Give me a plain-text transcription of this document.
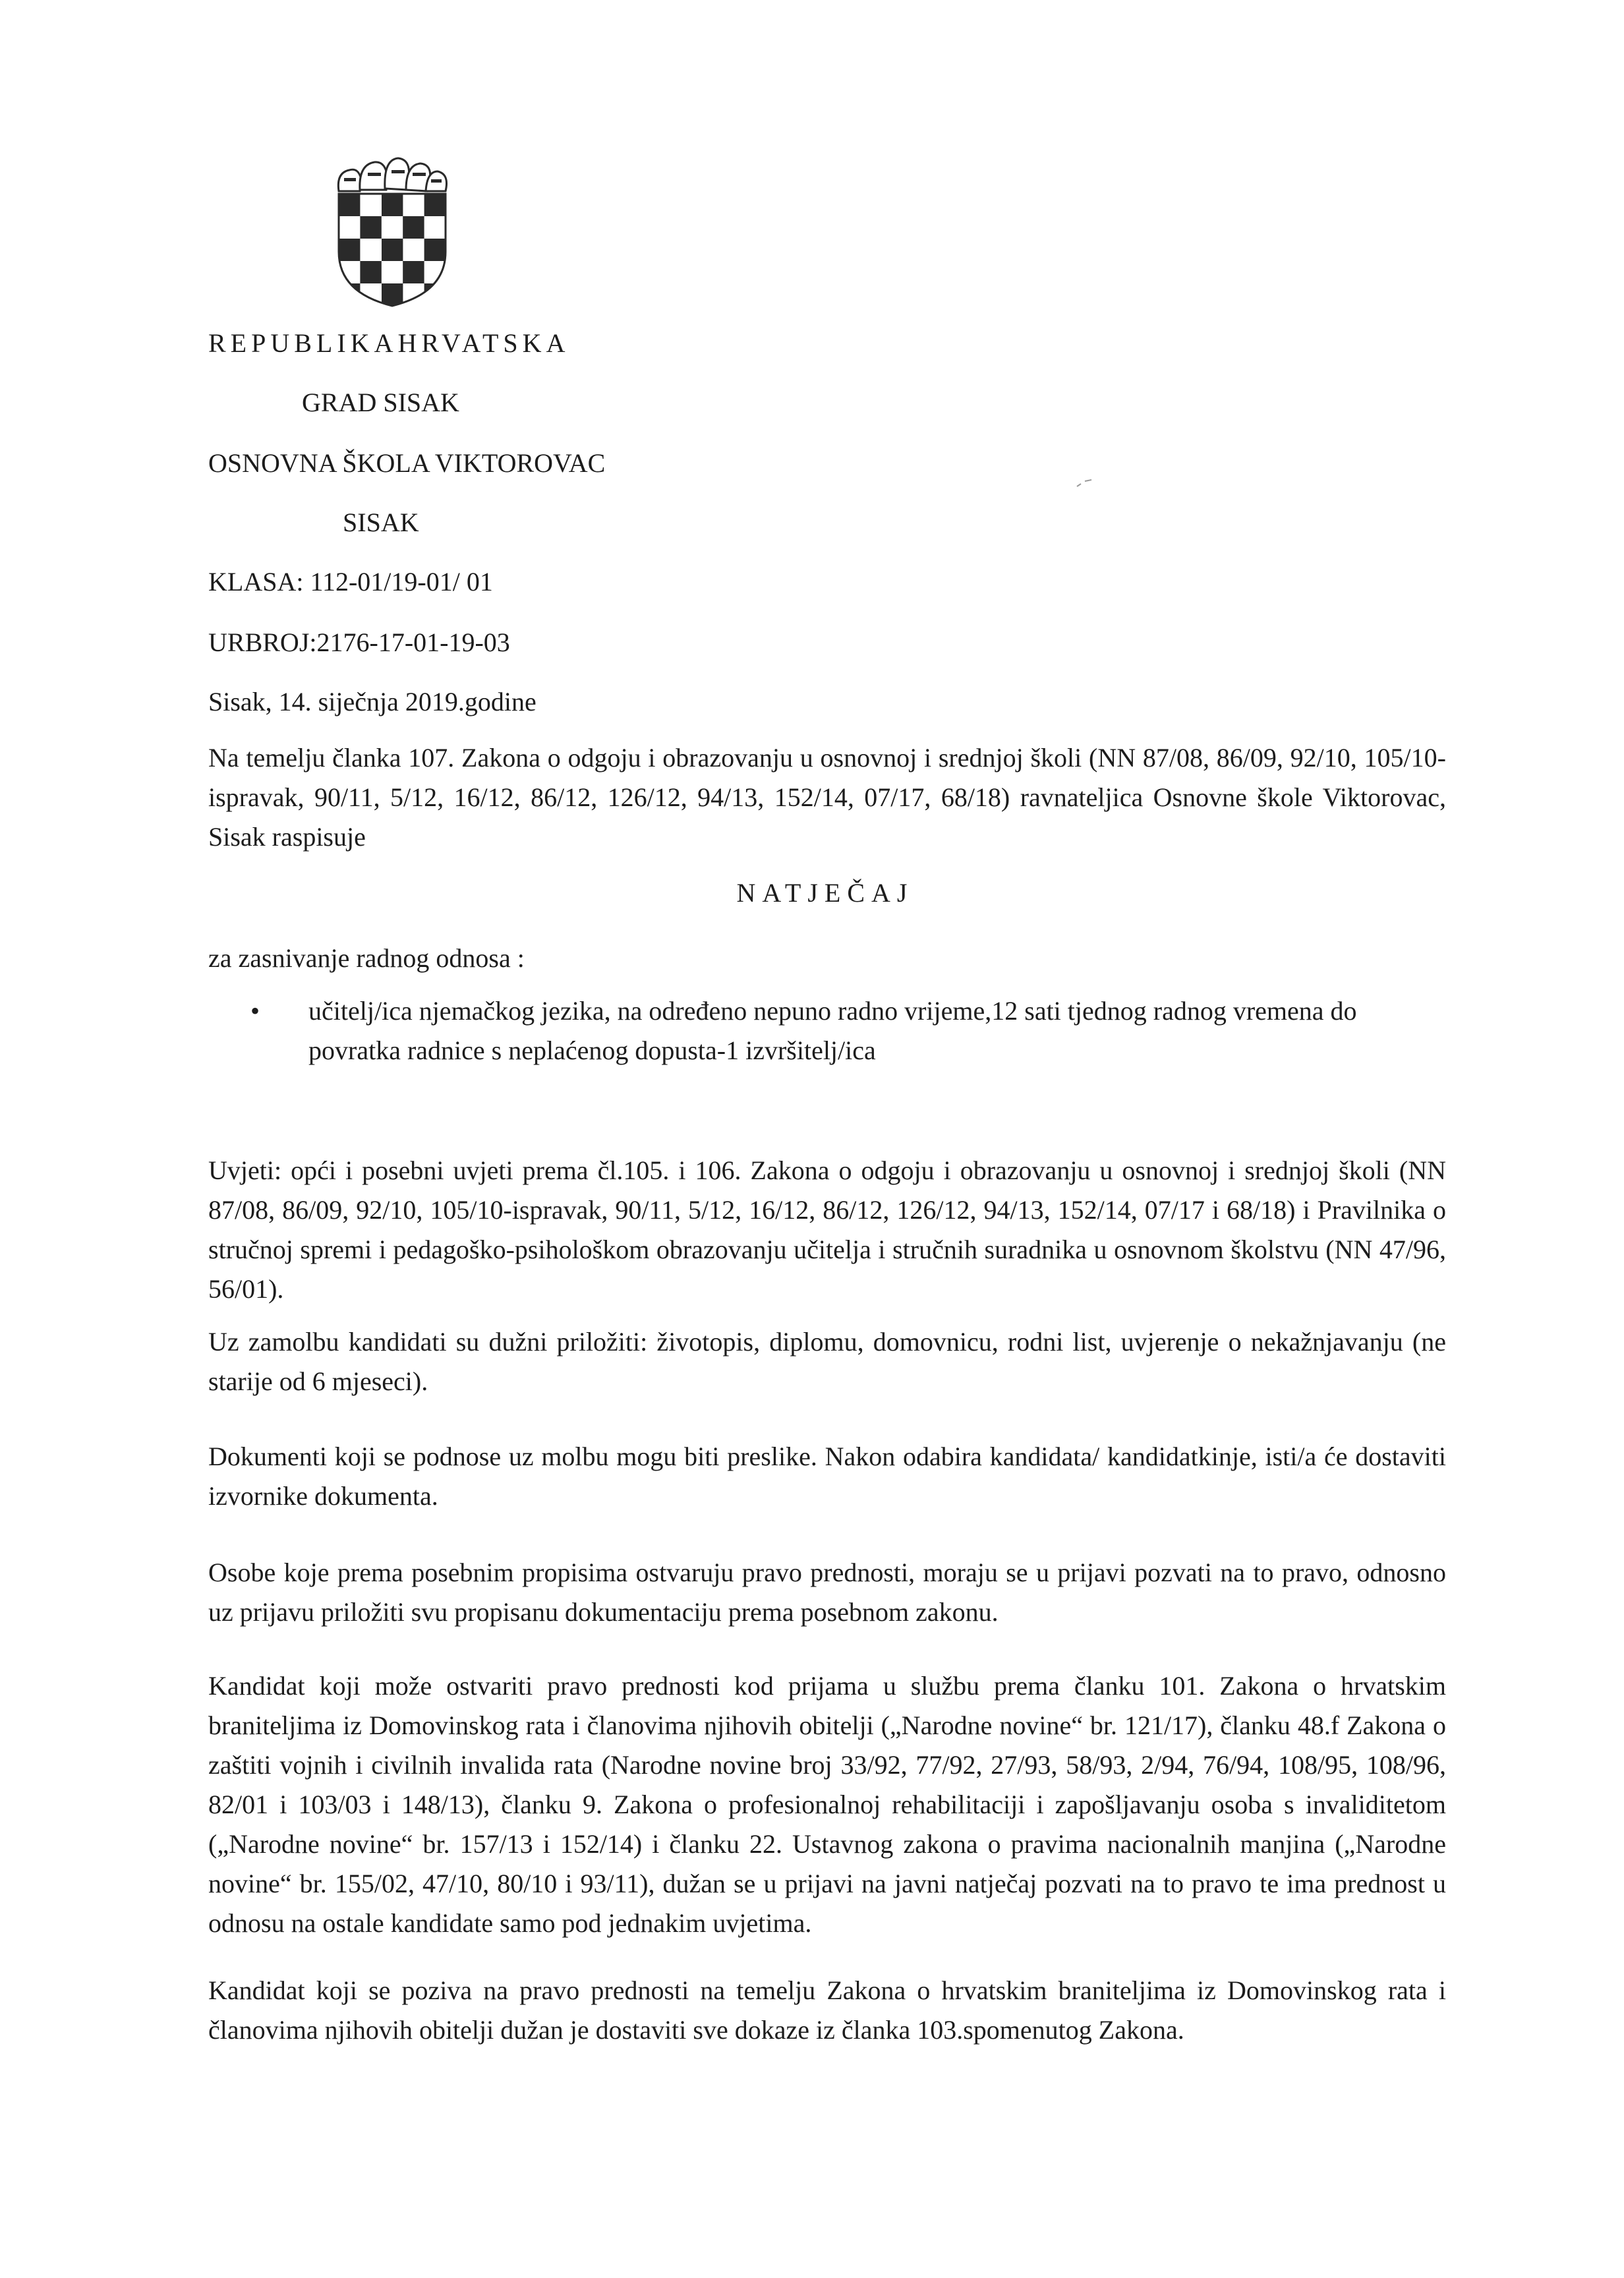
REPUBLIKAHRVATSKA
GRAD SISAK
OSNOVNA ŠKOLA VIKTOROVAC
SISAK
KLASA: 112-01/19-01/ 01
URBROJ:2176-17-01-19-03
Sisak, 14. siječnja 2019.godine
Na temelju članka 107. Zakona o odgoju i obrazovanju u osnovnoj i srednjoj školi (NN 87/08, 86/09, 92/10, 105/10-ispravak, 90/11, 5/12, 16/12, 86/12, 126/12, 94/13, 152/14, 07/17, 68/18) ravnateljica Osnovne škole Viktorovac, Sisak raspisuje
NATJEČAJ
za zasnivanje radnog odnosa :
• učitelj/ica njemačkog jezika, na određeno nepuno radno vrijeme,12 sati tjednog radnog vremena do povratka radnice s neplaćenog dopusta-1 izvršitelj/ica
Uvjeti: opći i posebni uvjeti prema čl.105. i 106. Zakona o odgoju i obrazovanju u osnovnoj i srednjoj školi (NN 87/08, 86/09, 92/10, 105/10-ispravak, 90/11, 5/12, 16/12, 86/12, 126/12, 94/13, 152/14, 07/17 i 68/18) i Pravilnika o stručnoj spremi i pedagoško-psihološkom obrazovanju učitelja i stručnih suradnika u osnovnom školstvu (NN 47/96, 56/01).
Uz zamolbu kandidati su dužni priložiti: životopis, diplomu, domovnicu, rodni list, uvjerenje o nekažnjavanju (ne starije od 6 mjeseci).
Dokumenti koji se podnose uz molbu mogu biti preslike. Nakon odabira kandidata/ kandidatkinje, isti/a će dostaviti izvornike dokumenta.
Osobe koje prema posebnim propisima ostvaruju pravo prednosti, moraju se u prijavi pozvati na to pravo, odnosno uz prijavu priložiti svu propisanu dokumentaciju prema posebnom zakonu.
Kandidat koji može ostvariti pravo prednosti kod prijama u službu prema članku 101. Zakona o hrvatskim braniteljima iz Domovinskog rata i članovima njihovih obitelji („Narodne novine“ br. 121/17), članku 48.f Zakona o zaštiti vojnih i civilnih invalida rata (Narodne novine broj 33/92, 77/92, 27/93, 58/93, 2/94, 76/94, 108/95, 108/96, 82/01 i 103/03 i 148/13), članku 9. Zakona o profesionalnoj rehabilitaciji i zapošljavanju osoba s invaliditetom („Narodne novine“ br. 157/13 i 152/14) i članku 22. Ustavnog zakona o pravima nacionalnih manjina („Narodne novine“ br. 155/02, 47/10, 80/10 i 93/11), dužan se u prijavi na javni natječaj pozvati na to pravo te ima prednost u odnosu na ostale kandidate samo pod jednakim uvjetima.
Kandidat koji se poziva na pravo prednosti na temelju Zakona o hrvatskim braniteljima iz Domovinskog rata i članovima njihovih obitelji dužan je dostaviti sve dokaze iz članka 103.spomenutog Zakona.
